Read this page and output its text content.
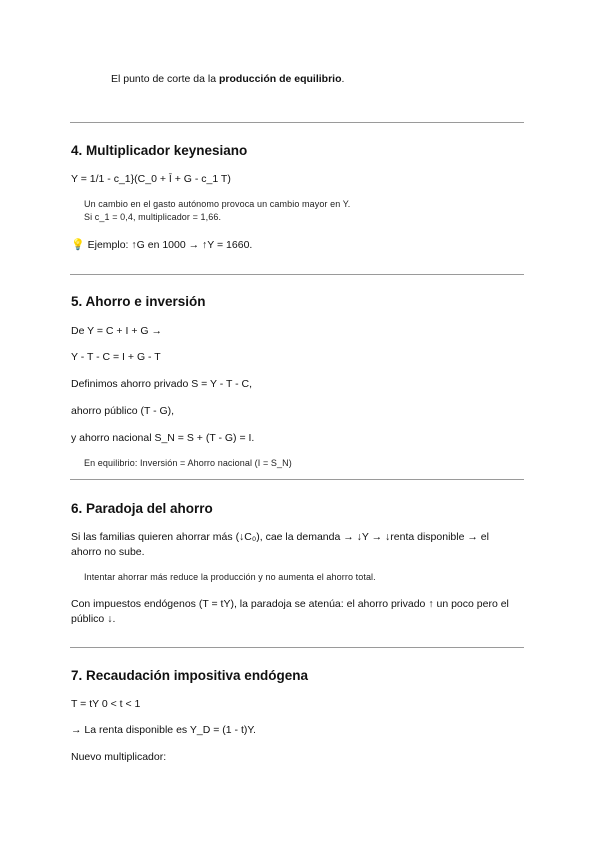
El punto de corte da la producción de equilibrio.
4. Multiplicador keynesiano
Y = 1/1 - c_1}(C_0 + Ī + G - c_1 T)
Un cambio en el gasto autónomo provoca un cambio mayor en Y.
Si c_1 = 0,4, multiplicador = 1,66.
💡 Ejemplo: ↑G en 1000 → ↑Y = 1660.
5. Ahorro e inversión
De Y = C + I + G →
Y - T - C = I + G - T
Definimos ahorro privado S = Y - T - C,
ahorro público (T - G),
y ahorro nacional S_N = S + (T - G) = I.
En equilibrio: Inversión = Ahorro nacional (I = S_N)
6. Paradoja del ahorro
Si las familias quieren ahorrar más (↓C₀), cae la demanda → ↓Y → ↓renta disponible → el ahorro no sube.
Intentar ahorrar más reduce la producción y no aumenta el ahorro total.
Con impuestos endógenos (T = tY), la paradoja se atenúa: el ahorro privado ↑ un poco pero el público ↓.
7. Recaudación impositiva endógena
T = tY 0 < t < 1
→ La renta disponible es Y_D = (1 - t)Y.
Nuevo multiplicador:
